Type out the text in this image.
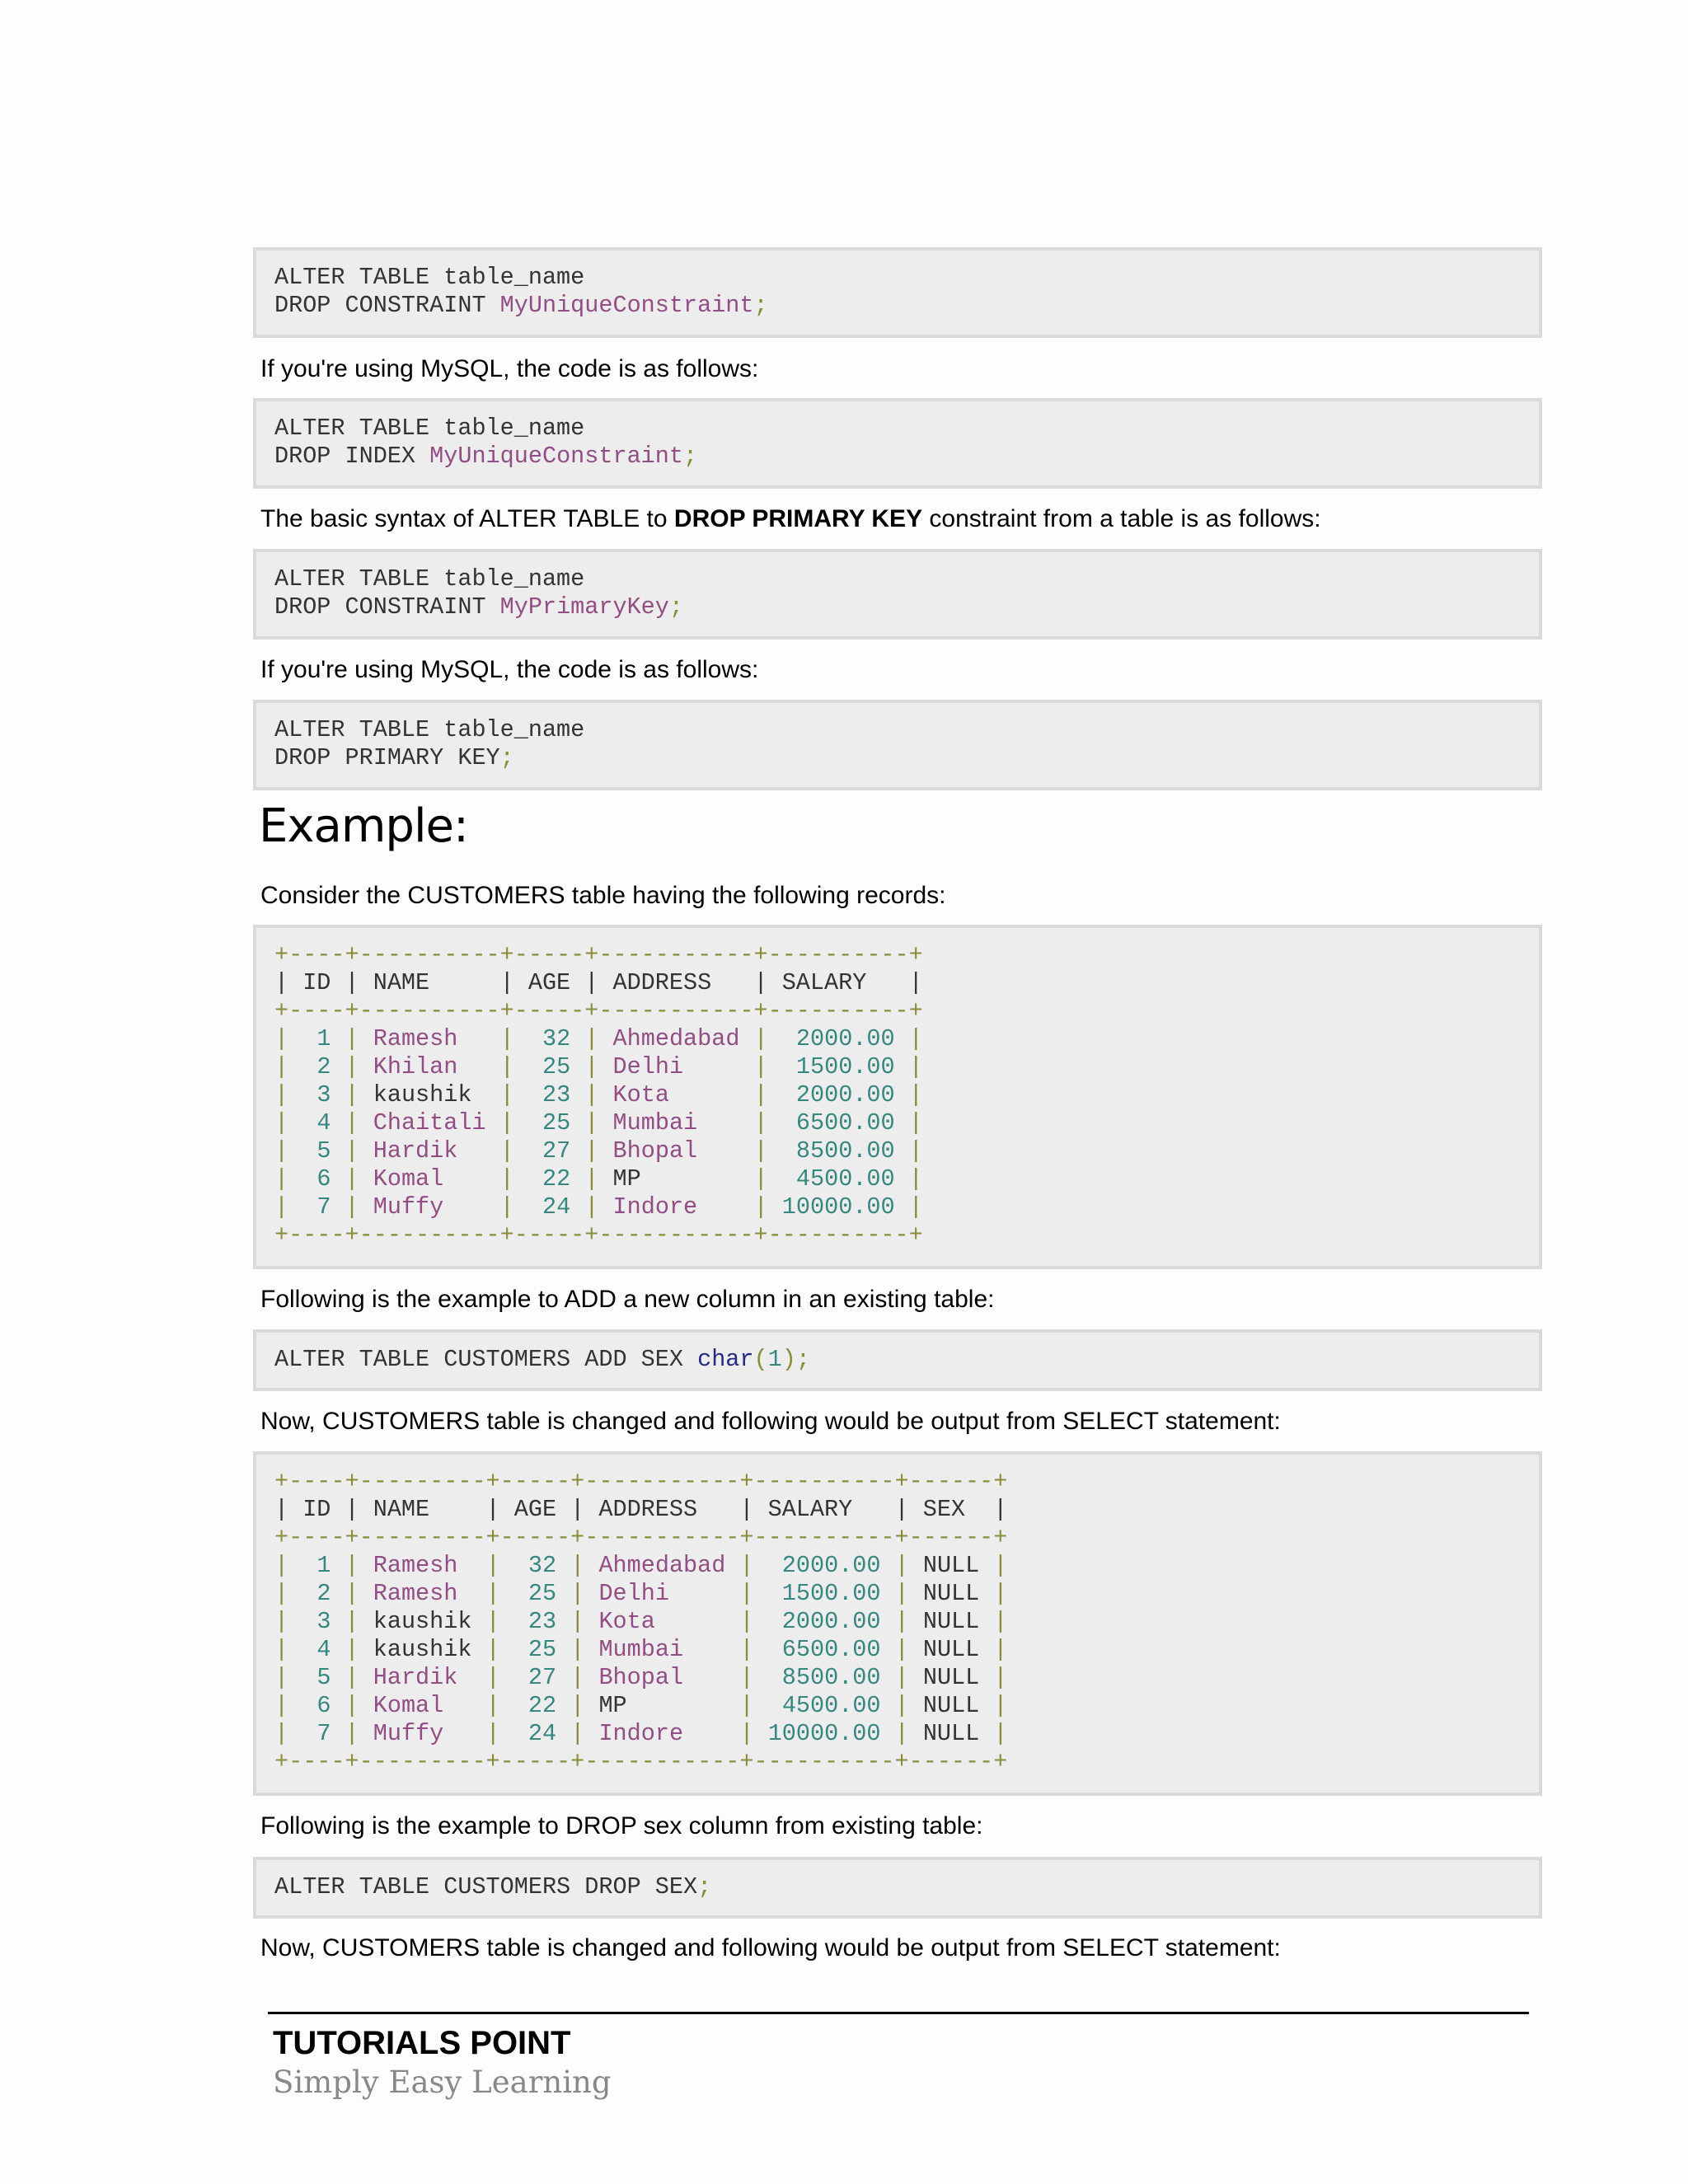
ALTER TABLE table_name
DROP CONSTRAINT MyUniqueConstraint;
If you're using MySQL, the code is as follows:
ALTER TABLE table_name
DROP INDEX MyUniqueConstraint;
The basic syntax of ALTER TABLE to DROP PRIMARY KEY constraint from a table is as follows:
ALTER TABLE table_name
DROP CONSTRAINT MyPrimaryKey;
If you're using MySQL, the code is as follows:
ALTER TABLE table_name
DROP PRIMARY KEY;
Example:
Consider the CUSTOMERS table having the following records:
+----+----------+-----+-----------+----------+
| ID | NAME     | AGE | ADDRESS   | SALARY   |
+----+----------+-----+-----------+----------+
|  1 | Ramesh   |  32 | Ahmedabad |  2000.00 |
|  2 | Khilan   |  25 | Delhi     |  1500.00 |
|  3 | kaushik  |  23 | Kota	|  2000.00 |
|  4 | Chaitali |  25 | Mumbai    |  6500.00 |
|  5 | Hardik   |  27 | Bhopal    |  8500.00 |
|  6 | Komal    |  22 | MP	|  4500.00 |
|  7 | Muffy    |  24 | Indore    | 10000.00 |
+----+----------+-----+-----------+----------+
Following is the example to ADD a new column in an existing table:
ALTER TABLE CUSTOMERS ADD SEX char(1);
Now, CUSTOMERS table is changed and following would be output from SELECT statement:
+----+---------+-----+-----------+----------+------+
| ID | NAME    | AGE | ADDRESS   | SALARY   | SEX  |
+----+---------+-----+-----------+----------+------+
|  1 | Ramesh  |  32 | Ahmedabad |  2000.00 | NULL |
|  2 | Ramesh  |  25 | Delhi     |  1500.00 | NULL |
|  3 | kaushik |  23 | Kota	|  2000.00 | NULL |
|  4 | kaushik |  25 | Mumbai    |  6500.00 | NULL |
|  5 | Hardik  |  27 | Bhopal    |  8500.00 | NULL |
|  6 | Komal   |  22 | MP	|  4500.00 | NULL |
|  7 | Muffy   |  24 | Indore    | 10000.00 | NULL |
+----+---------+-----+-----------+----------+------+
Following is the example to DROP sex column from existing table:
ALTER TABLE CUSTOMERS DROP SEX;
Now, CUSTOMERS table is changed and following would be output from SELECT statement:
TUTORIALS POINT
Simply Easy Learning
